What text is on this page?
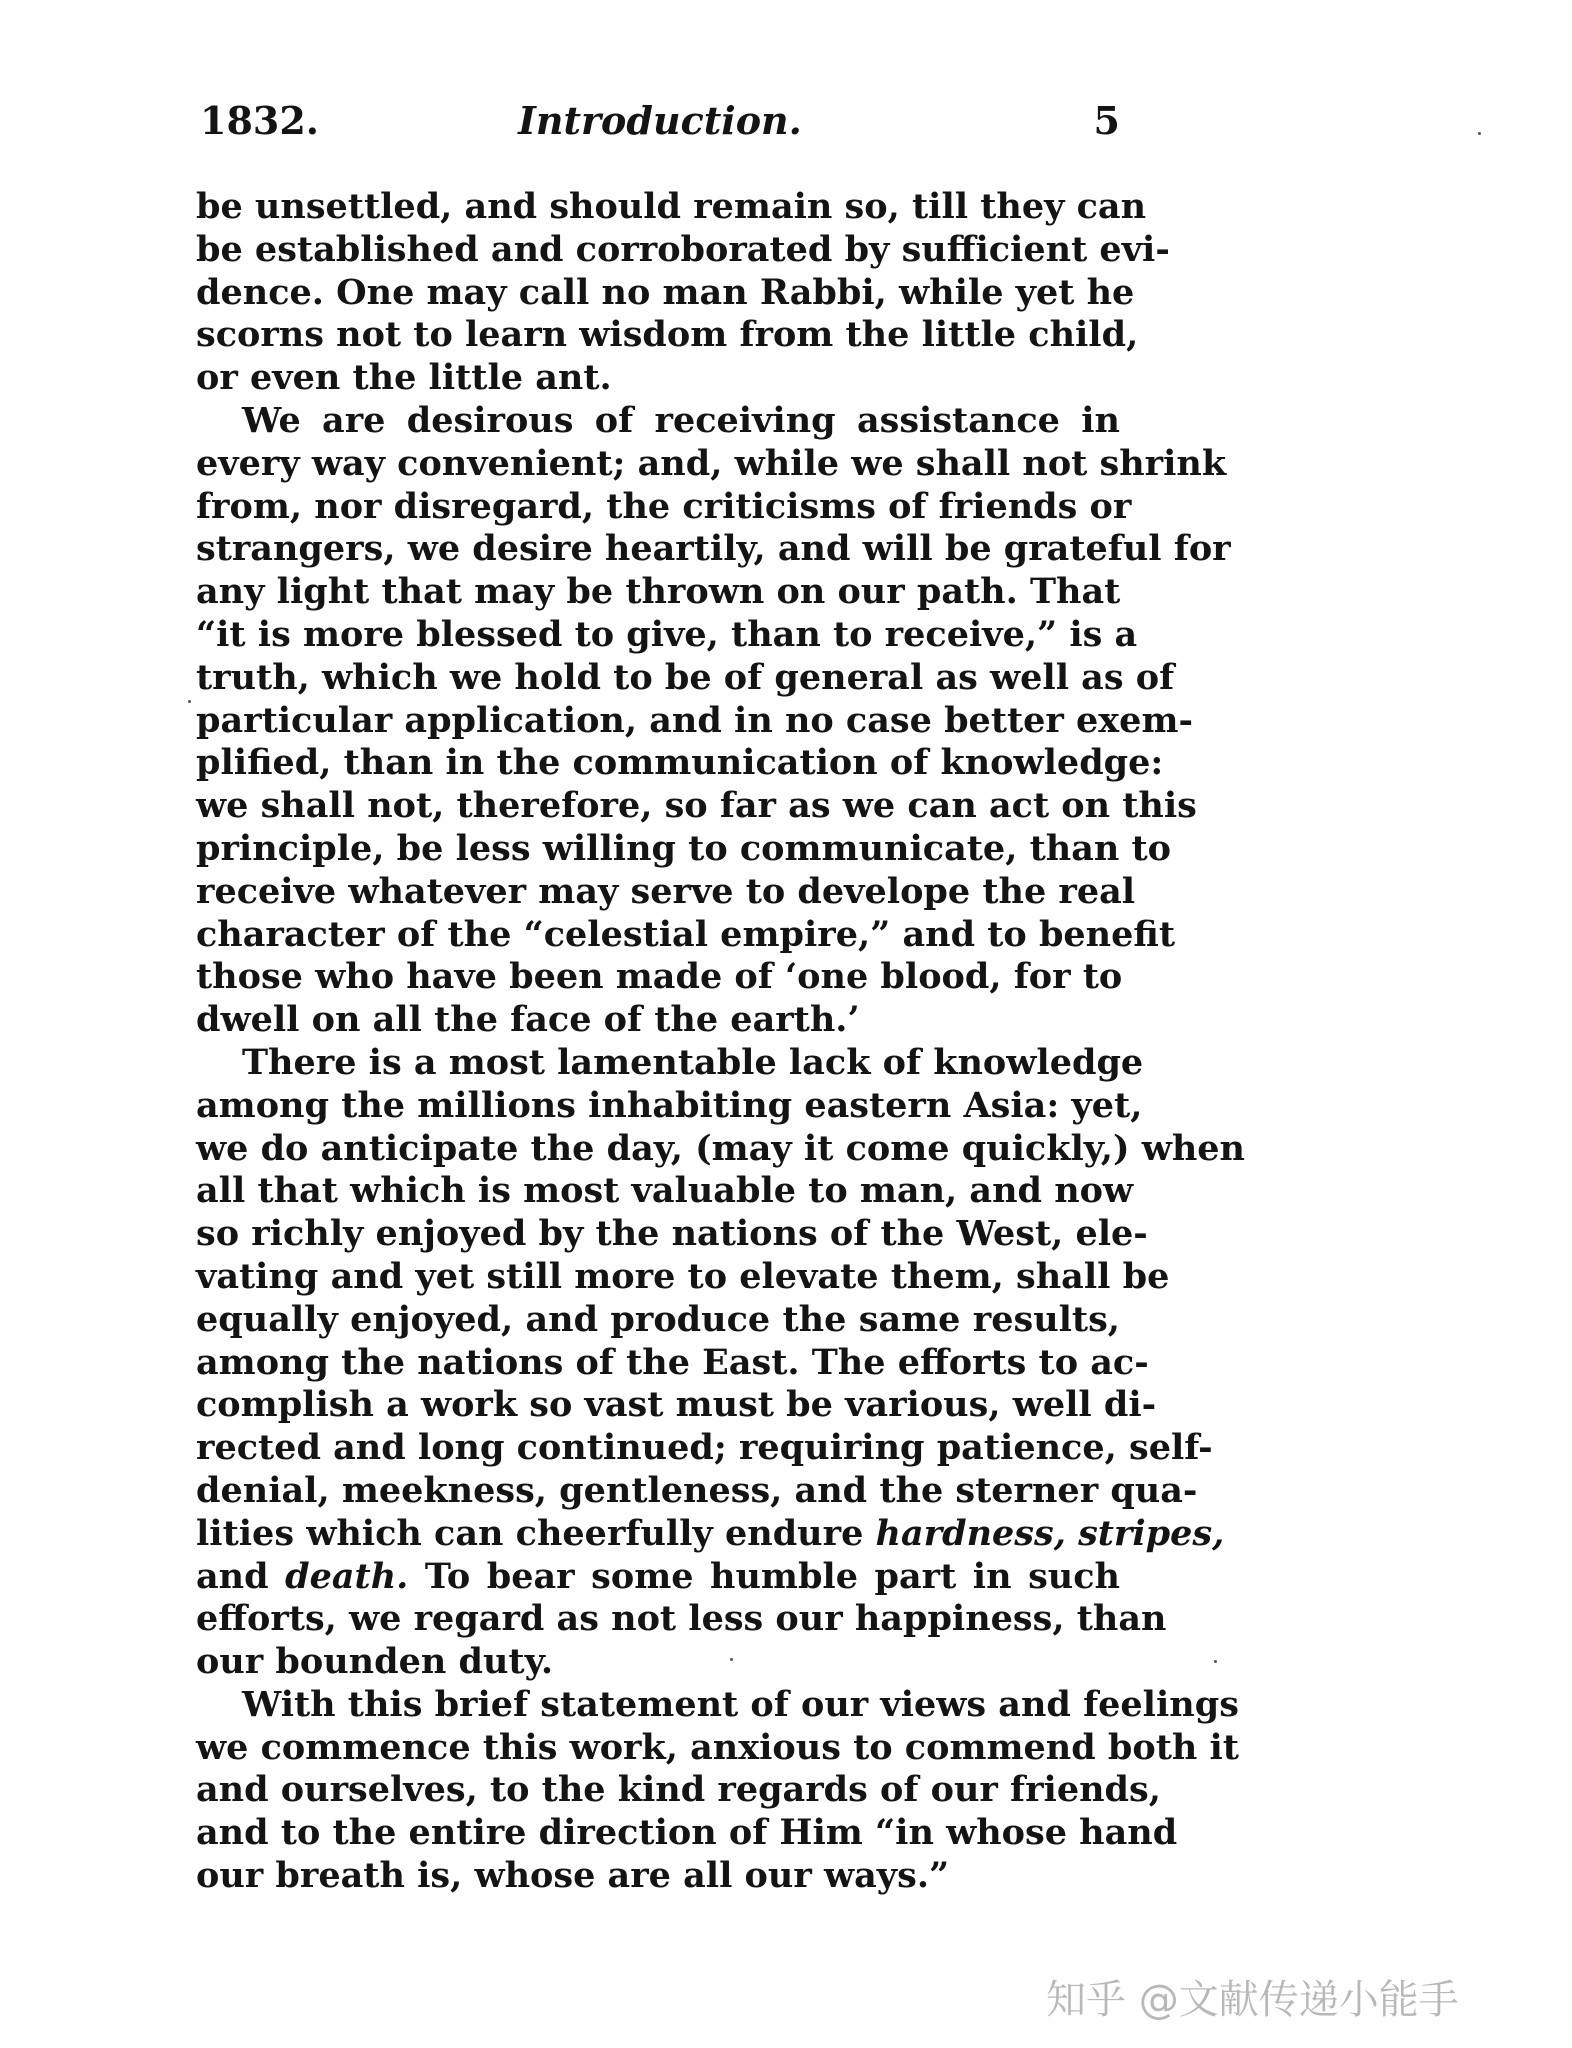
1832.	Introduction.	5
be unsettled, and should remain so, till they can
be established and corroborated by sufficient evi-
dence. One may call no man Rabbi, while yet he
scorns not to learn wisdom from the little child,
or even the little ant.
We are desirous of receiving assistance in
every way convenient; and, while we shall not shrink
from, nor disregard, the criticisms of friends or
strangers, we desire heartily, and will be grateful for
any light that may be thrown on our path. That
“it is more blessed to give, than to receive,” is a
truth, which we hold to be of general as well as of
particular application, and in no case better exem-
plified, than in the communication of knowledge:
we shall not, therefore, so far as we can act on this
principle, be less willing to communicate, than to
receive whatever may serve to develope the real
character of the “celestial empire,” and to benefit
those who have been made of ‘one blood, for to
dwell on all the face of the earth.’
There is a most lamentable lack of knowledge
among the millions inhabiting eastern Asia: yet,
we do anticipate the day, (may it come quickly,) when
all that which is most valuable to man, and now
so richly enjoyed by the nations of the West, ele-
vating and yet still more to elevate them, shall be
equally enjoyed, and produce the same results,
among the nations of the East. The efforts to ac-
complish a work so vast must be various, well di-
rected and long continued; requiring patience, self-
denial, meekness, gentleness, and the sterner qua-
lities which can cheerfully endure hardness, stripes,
and death. To bear some humble part in such
efforts, we regard as not less our happiness, than
our bounden duty.
With this brief statement of our views and feelings
we commence this work, anxious to commend both it
and ourselves, to the kind regards of our friends,
and to the entire direction of Him “in whose hand
our breath is, whose are all our ways.”
知乎 @文献传递小能手
